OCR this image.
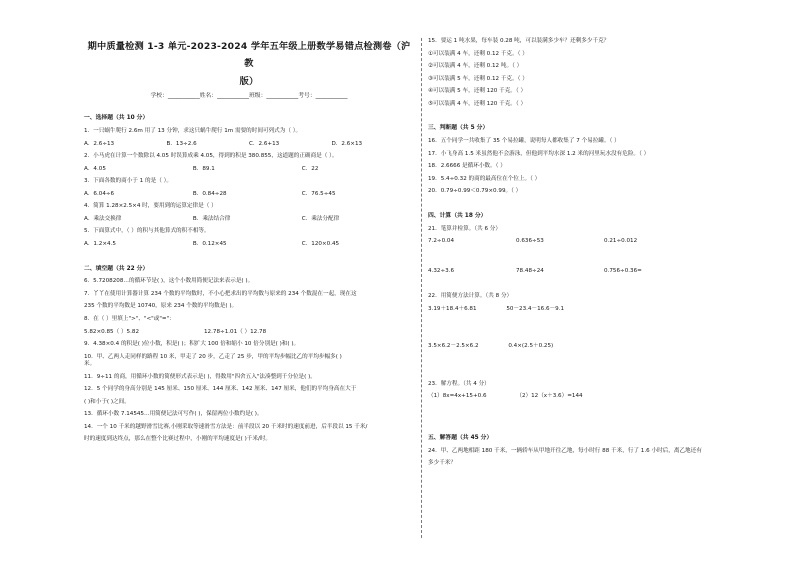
期中质量检测 1-3 单元-2023-2024 学年五年级上册数学易错点检测卷（沪教
版）
学校：___________姓名：___________班级：___________考号：___________
一、选择题（共 10 分）
1．一只蜗牛爬行 2.6m 用了 13 分钟，求这只蜗牛爬行 1m 需要的时间可列式为（ ）。
A．2.6÷13	B．13÷2.6	C．2.6+13	D．2.6×13
2．小马虎在计算一个数除以 4.05 时误算成乘 4.05，得到的积是 380.855，这道题的正确商是（ ）。
A．4.05	B．89.1	C．22
3．下面各数的商小于 1 的是（ ）。
A．6.04÷6	B．0.84÷28	C．76.5÷45
4．简算 1.28×2.5×4 时，要用到的运算定律是（ ）
A．乘法交换律	B．乘法结合律	C．乘法分配律
5．下面算式中，（ ）的积与其他算式的积不相等。
A．1.2×4.5	B．0.12×45	C．120×0.45
二、填空题（共 22 分）
6．5.7208208…的循环节是( )，这个小数用简便记法来表示是( )。
7．丫丫在使用计算器计算 234 个数的平均数时，不小心把求出的平均数与原来的 234 个数混在一起，现在这
235 个数的平均数是 10740，原来 234 个数的平均数是( )。
8．在（ ）里填上">"、"<"或"="：
5.82×0.85（ ）5.82	12.78÷1.01（ ）12.78
9．4.38×0.4 的积是( )位小数，积是( )；积扩大 100 倍和缩小 10 倍分别是( )和( )。
10．甲、乙两人走同样的路程 10 米，甲走了 20 步，乙走了 25 步，甲的平均步幅比乙的平均步幅多( )
米。
11．9÷11 的商，用循环小数的简便形式表示是( )，得数用"四舍五入"法凑整到千分位是( )。
12．5 个同学的身高分别是 145 厘米、150 厘米、144 厘米、142 厘米、147 厘米，他们的平均身高在大于
( )和小于( )之间。
13．循环小数 7.14545…用简便记法可写作( )，保留两位小数约是( )。
14．一个 10 千米的越野滑雪比赛,小刚采取等速滑雪方法是：前半段以 20 千米时的速度前进，后半段以 15 千米/
时的速度到达终点，那么在整个比赛过程中，小刚的平均速度是( )千米/时。
15．要运 1 吨水果，每车装 0.28 吨，可以装满多少车？还剩多少千克？
①可以装满 4 车，还剩 0.12 千克。（ ）
②可以装满 4 车，还剩 0.12 吨。（ ）
③可以装满 5 车，还剩 0.12 千克。（ ）
④可以装满 5 车，还剩 120 千克。（ ）
⑤可以装满 4 车，还剩 120 千克。（ ）
三、判断题（共 5 分）
16．五个同学一共收集了 35 个易拉罐，说明每人都收集了 7 个易拉罐。（ ）
17．小飞身高 1.5 米虽然他不会游泳，但他到平均水深 1.2 米的河里玩水没有危险。（ ）
18．2.6666 是循环小数。（ ）
19．5.4÷0.32 的商的最高位在个位上。（ ）
20．0.79÷0.99＜0.79×0.99。（ ）
四、计算（共 18 分）
21．笔算并检算。（共 6 分）
7.2÷0.04	0.636÷53	0.21÷0.012
4.32÷3.6	78.48÷24	0.756÷0.36=
22．用简便方法计算。（共 8 分）
3.19＋18.4＋6.81	50－23.4－16.6－9.1
3.5×6.2－2.5×6.2	0.4×(2.5＋0.25)
23．解方程。（共 4 分）
（1）8x=4x+15+0.6	（2）12（x＋3.6）=144
五、解答题（共 45 分）
24．甲、乙两地相距 180 千米，一辆轿车从甲地开往乙地，每小时行 88 千米，行了 1.6 小时后，离乙地还有
多少千米？
